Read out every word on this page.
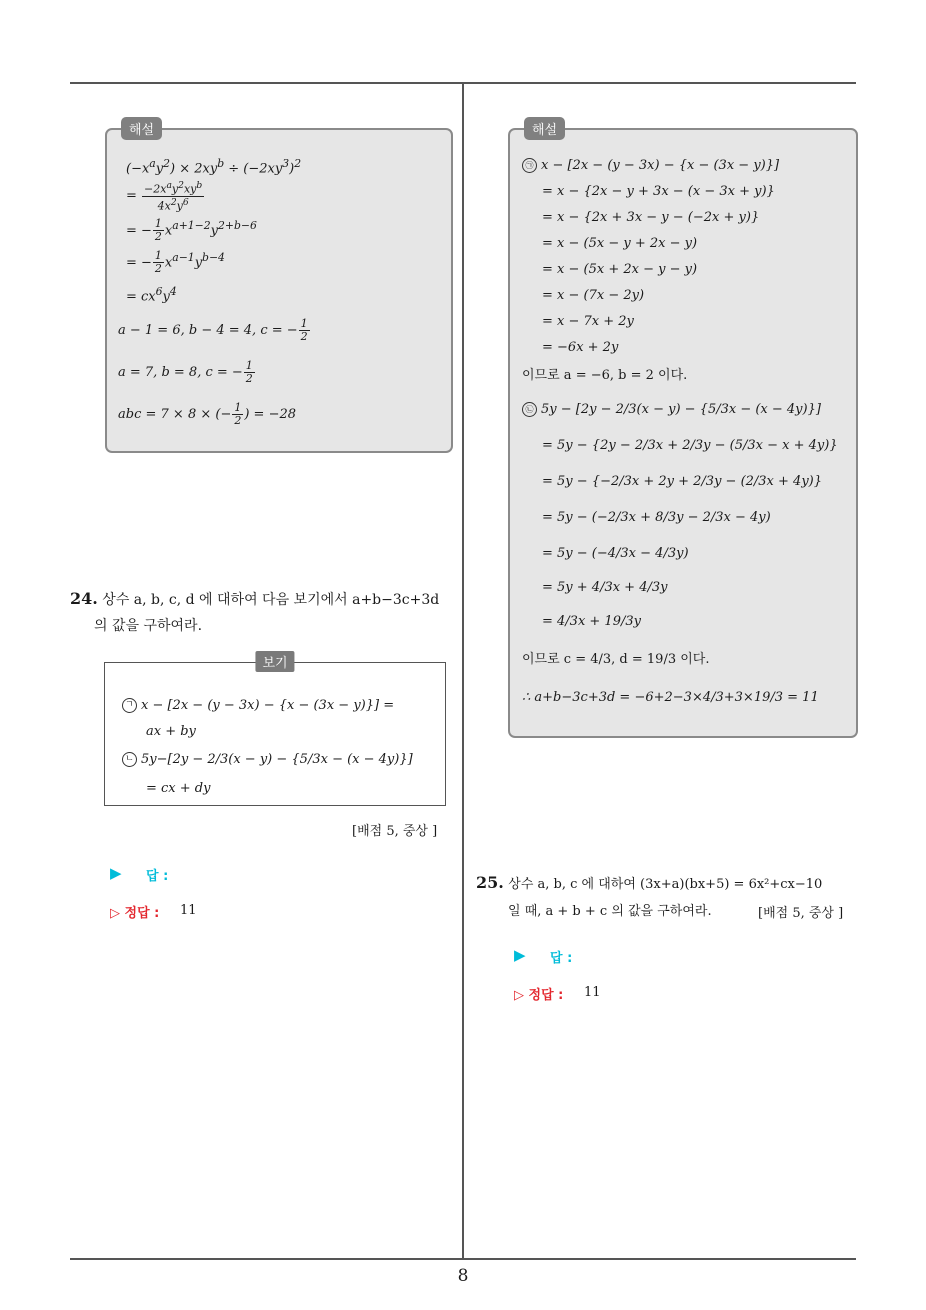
해설
$(-x^ay^2) \times 2xy^b \div (-2xy^3)^2$
= $\frac{-2x^ay^2xy^b}{4x^2y^6}$
= − $\frac{1}{2} x^{a+1-2}y^{2+b-6}$
= − $\frac{1}{2} x^{a-1}y^{b-4}$
= $cx^6y^4$
a − 1 = 6, b − 4 = 4, c = − $\frac{1}{2}$
a = 7, b = 8, c = − $\frac{1}{2}$
abc = 7 × 8 × (− $\frac{1}{2}$ ) = −28
24. 상수 a, b, c, d 에 대하여 다음 보기에서 a+b−3c+3d
의 값을 구하여라.
보기
ㄱ x − [2x − (y − 3x) − {x − (3x − y)}] =
ax + by
ㄴ 5y−[2y − 2/3(x − y) − {5/3x − (x − 4y)}]
= cx + dy
[배점 5, 중상 ]
▶ 답 :
▷ 정답 : 11
해설
㉠ x − [2x − (y − 3x) − {x − (3x − y)}]
= x − {2x − y + 3x − (x − 3x + y)}
= x − {2x + 3x − y − (−2x + y)}
= x − (5x − y + 2x − y)
= x − (5x + 2x − y − y)
= x − (7x − 2y)
= x − 7x + 2y
= −6x + 2y
이므로 a = −6, b = 2 이다.
㉡ 5y − [2y − 2/3(x − y) − {5/3x − (x − 4y)}]
= 5y − {2y − 2/3x + 2/3y − (5/3x − x + 4y)}
= 5y − {−2/3x + 2y + 2/3y − (2/3x + 4y)}
= 5y − (−2/3x + 8/3y − 2/3x − 4y)
= 5y − (−4/3x − 4/3y)
= 5y + 4/3x + 4/3y
= 4/3x + 19/3y
이므로 c = 4/3, d = 19/3 이다.
∴ a+b−3c+3d = −6+2−3×4/3+3×19/3 = 11
25. 상수 a, b, c 에 대하여 (3x+a)(bx+5) = 6x²+cx−10
일 때, a + b + c 의 값을 구하여라.	[배점 5, 중상 ]
▶ 답 :
▷ 정답 : 11
8
